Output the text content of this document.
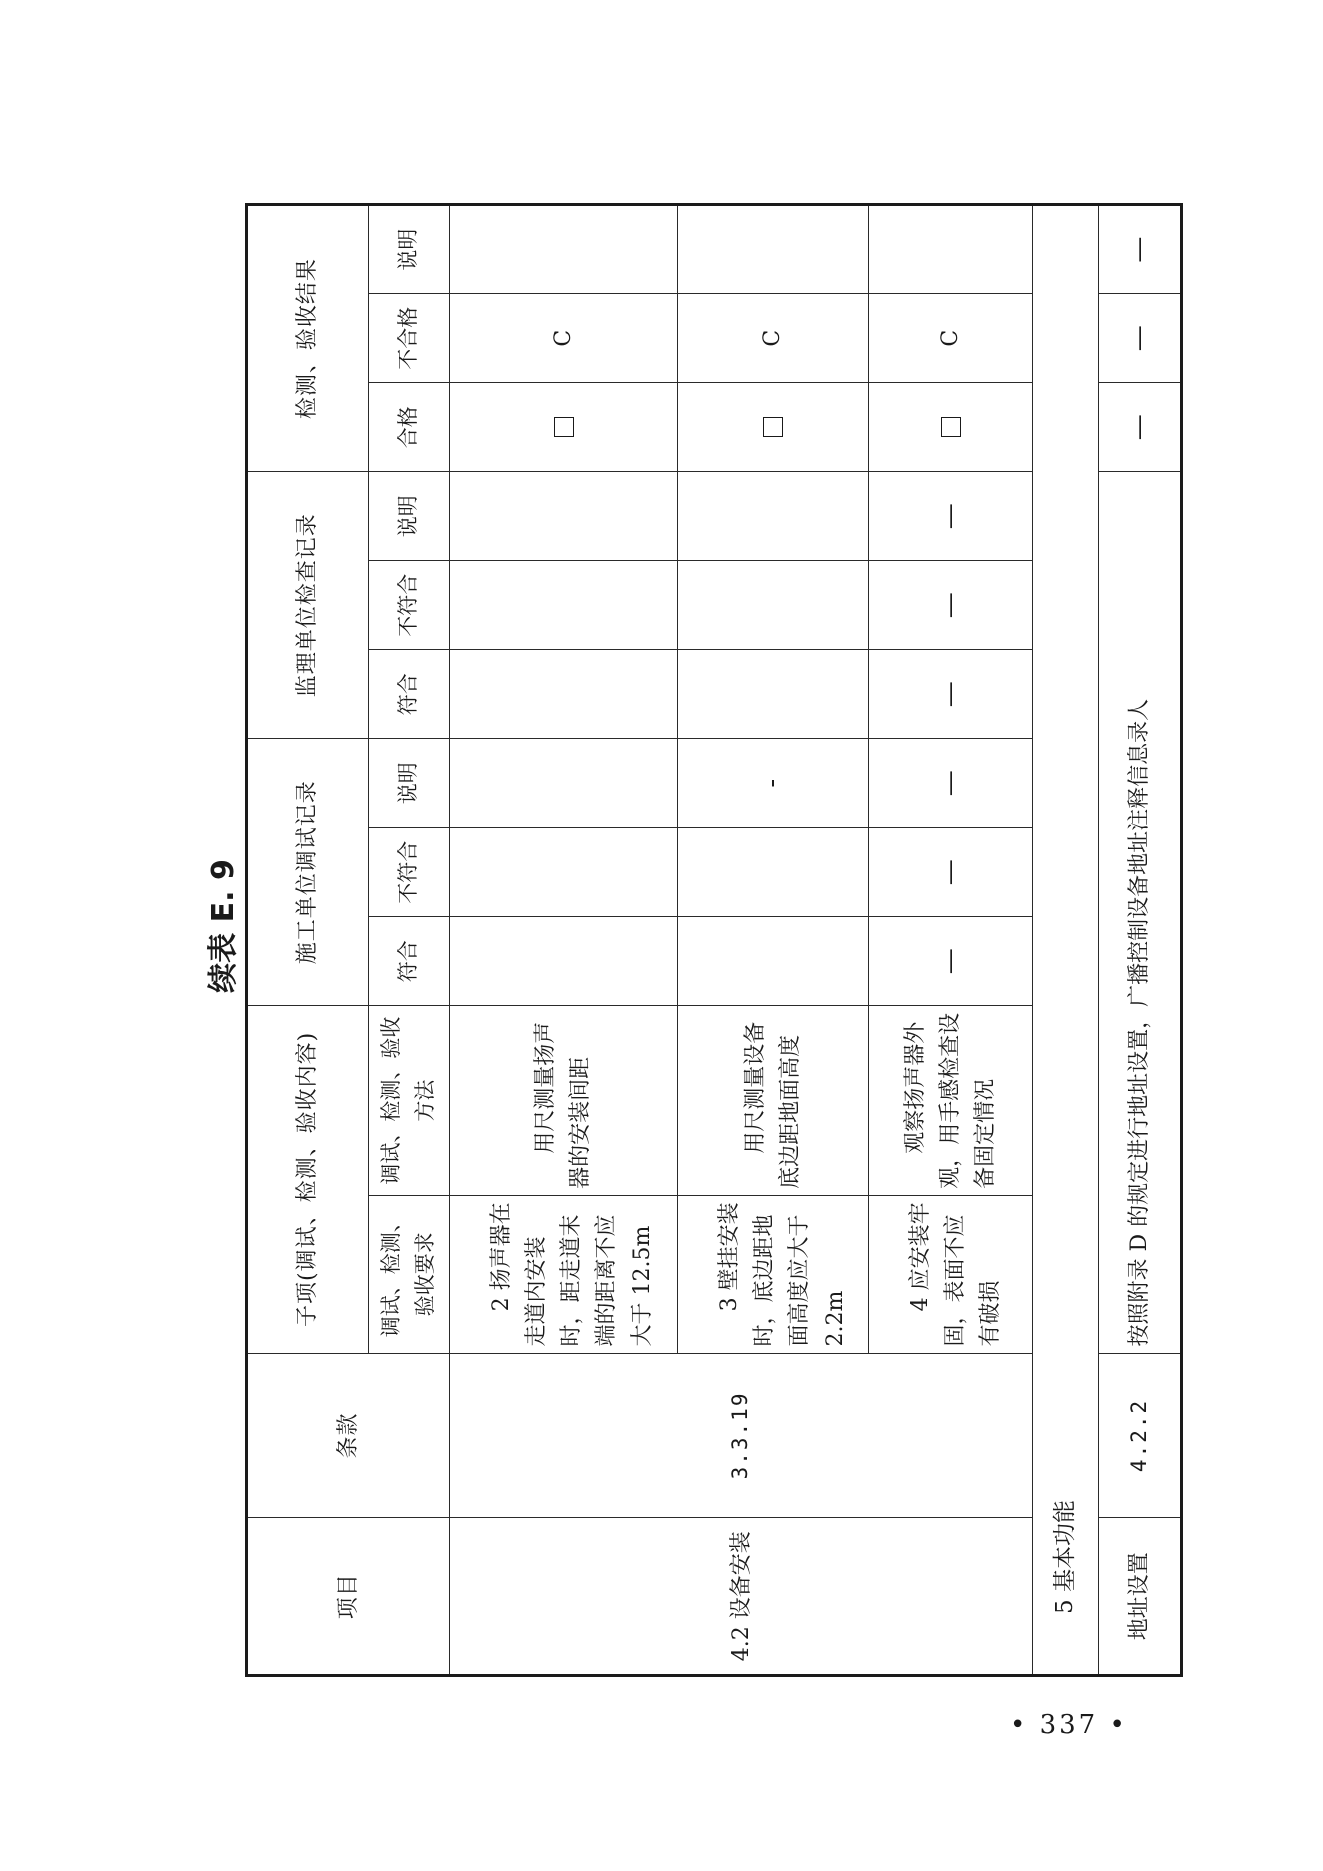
续表 E. 9
项目	条款	子项(调试、检测、验收内容)		施工单位调试记录			监理单位检查记录			检测、验收结果		
		调试、检测、验收要求	调试、检测、验收方法	符合	不符合	说明	符合	不符合	说明	合格	不合格	说明
4.2 设备安装	3.3.19	2 扬声器在走道内安装时，距走道末端的距离不应大于 12.5m	用尺测量扬声器的安装间距								C	
		3 壁挂安装时，底边距地面高度应大于 2.2m	用尺测量设备底边距地面高度			-					C	
		4 应安装牢固，表面不应有破损	观察扬声器外观，用手感检查设备固定情况	—	—	—	—	—	—		C	
5 基本功能												
地址设置	4.2.2	按照附录 D 的规定进行地址设置，广播控制设备地址注释信息录人								—	—	—
• 337 •
